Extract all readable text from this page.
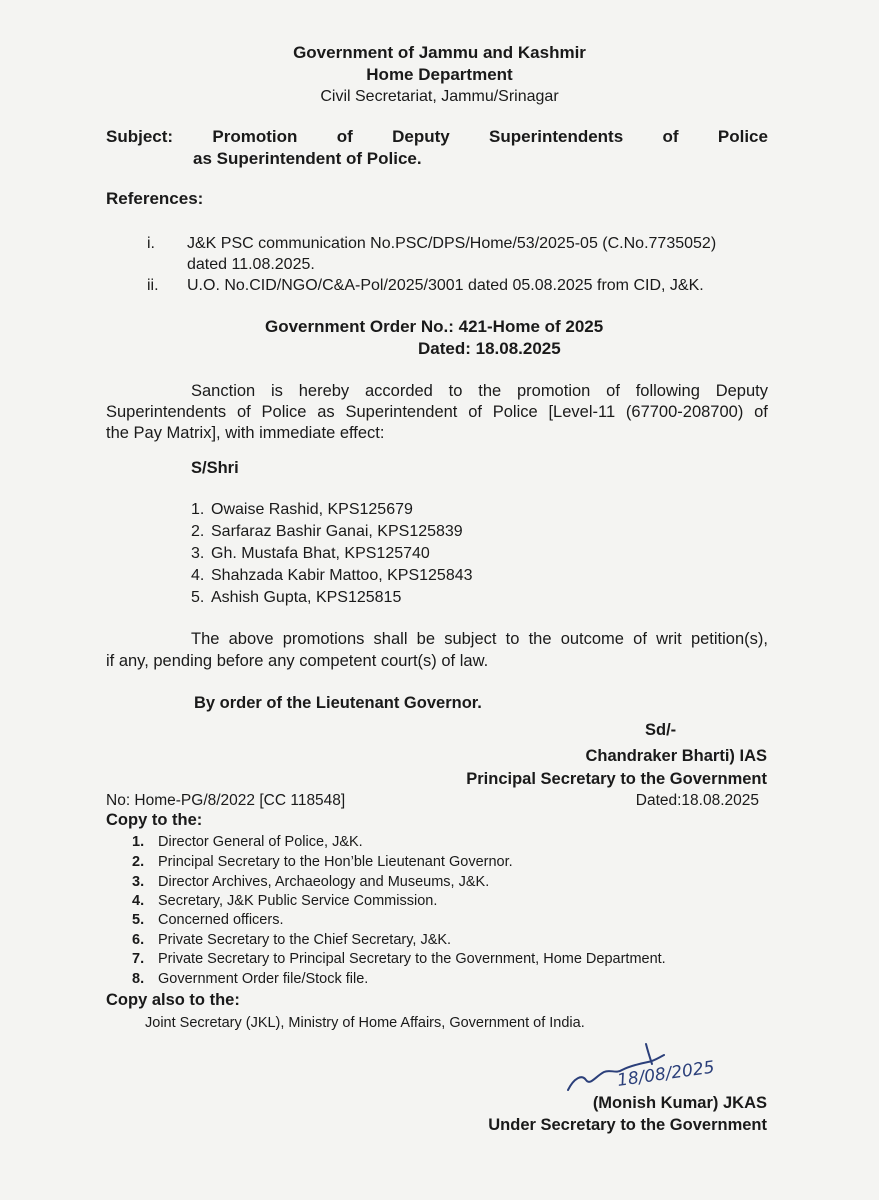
Government of Jammu and Kashmir
Home Department
Civil Secretariat, Jammu/Srinagar
Subject: Promotion of Deputy Superintendents of Police
as Superintendent of Police.
References:
i. J&K PSC communication No.PSC/DPS/Home/53/2025-05 (C.No.7735052)
dated 11.08.2025.
ii. U.O. No.CID/NGO/C&A-Pol/2025/3001 dated 05.08.2025 from CID, J&K.
Government Order No.: 421-Home of 2025
Dated: 18.08.2025
Sanction is hereby accorded to the promotion of following Deputy
Superintendents of Police as Superintendent of Police [Level-11 (67700-208700) of
the Pay Matrix], with immediate effect:
S/Shri
1. Owaise Rashid, KPS125679
2. Sarfaraz Bashir Ganai, KPS125839
3. Gh. Mustafa Bhat, KPS125740
4. Shahzada Kabir Mattoo, KPS125843
5. Ashish Gupta, KPS125815
The above promotions shall be subject to the outcome of writ petition(s),
if any, pending before any competent court(s) of law.
By order of the Lieutenant Governor.
Sd/-
Chandraker Bharti) IAS
Principal Secretary to the Government
No: Home-PG/8/2022 [CC 118548]	Dated:18.08.2025
Copy to the:
1. Director General of Police, J&K.
2. Principal Secretary to the Hon’ble Lieutenant Governor.
3. Director Archives, Archaeology and Museums, J&K.
4. Secretary, J&K Public Service Commission.
5. Concerned officers.
6. Private Secretary to the Chief Secretary, J&K.
7. Private Secretary to Principal Secretary to the Government, Home Department.
8. Government Order file/Stock file.
Copy also to the:
Joint Secretary (JKL), Ministry of Home Affairs, Government of India.
18/08/2025
(Monish Kumar) JKAS
Under Secretary to the Government
